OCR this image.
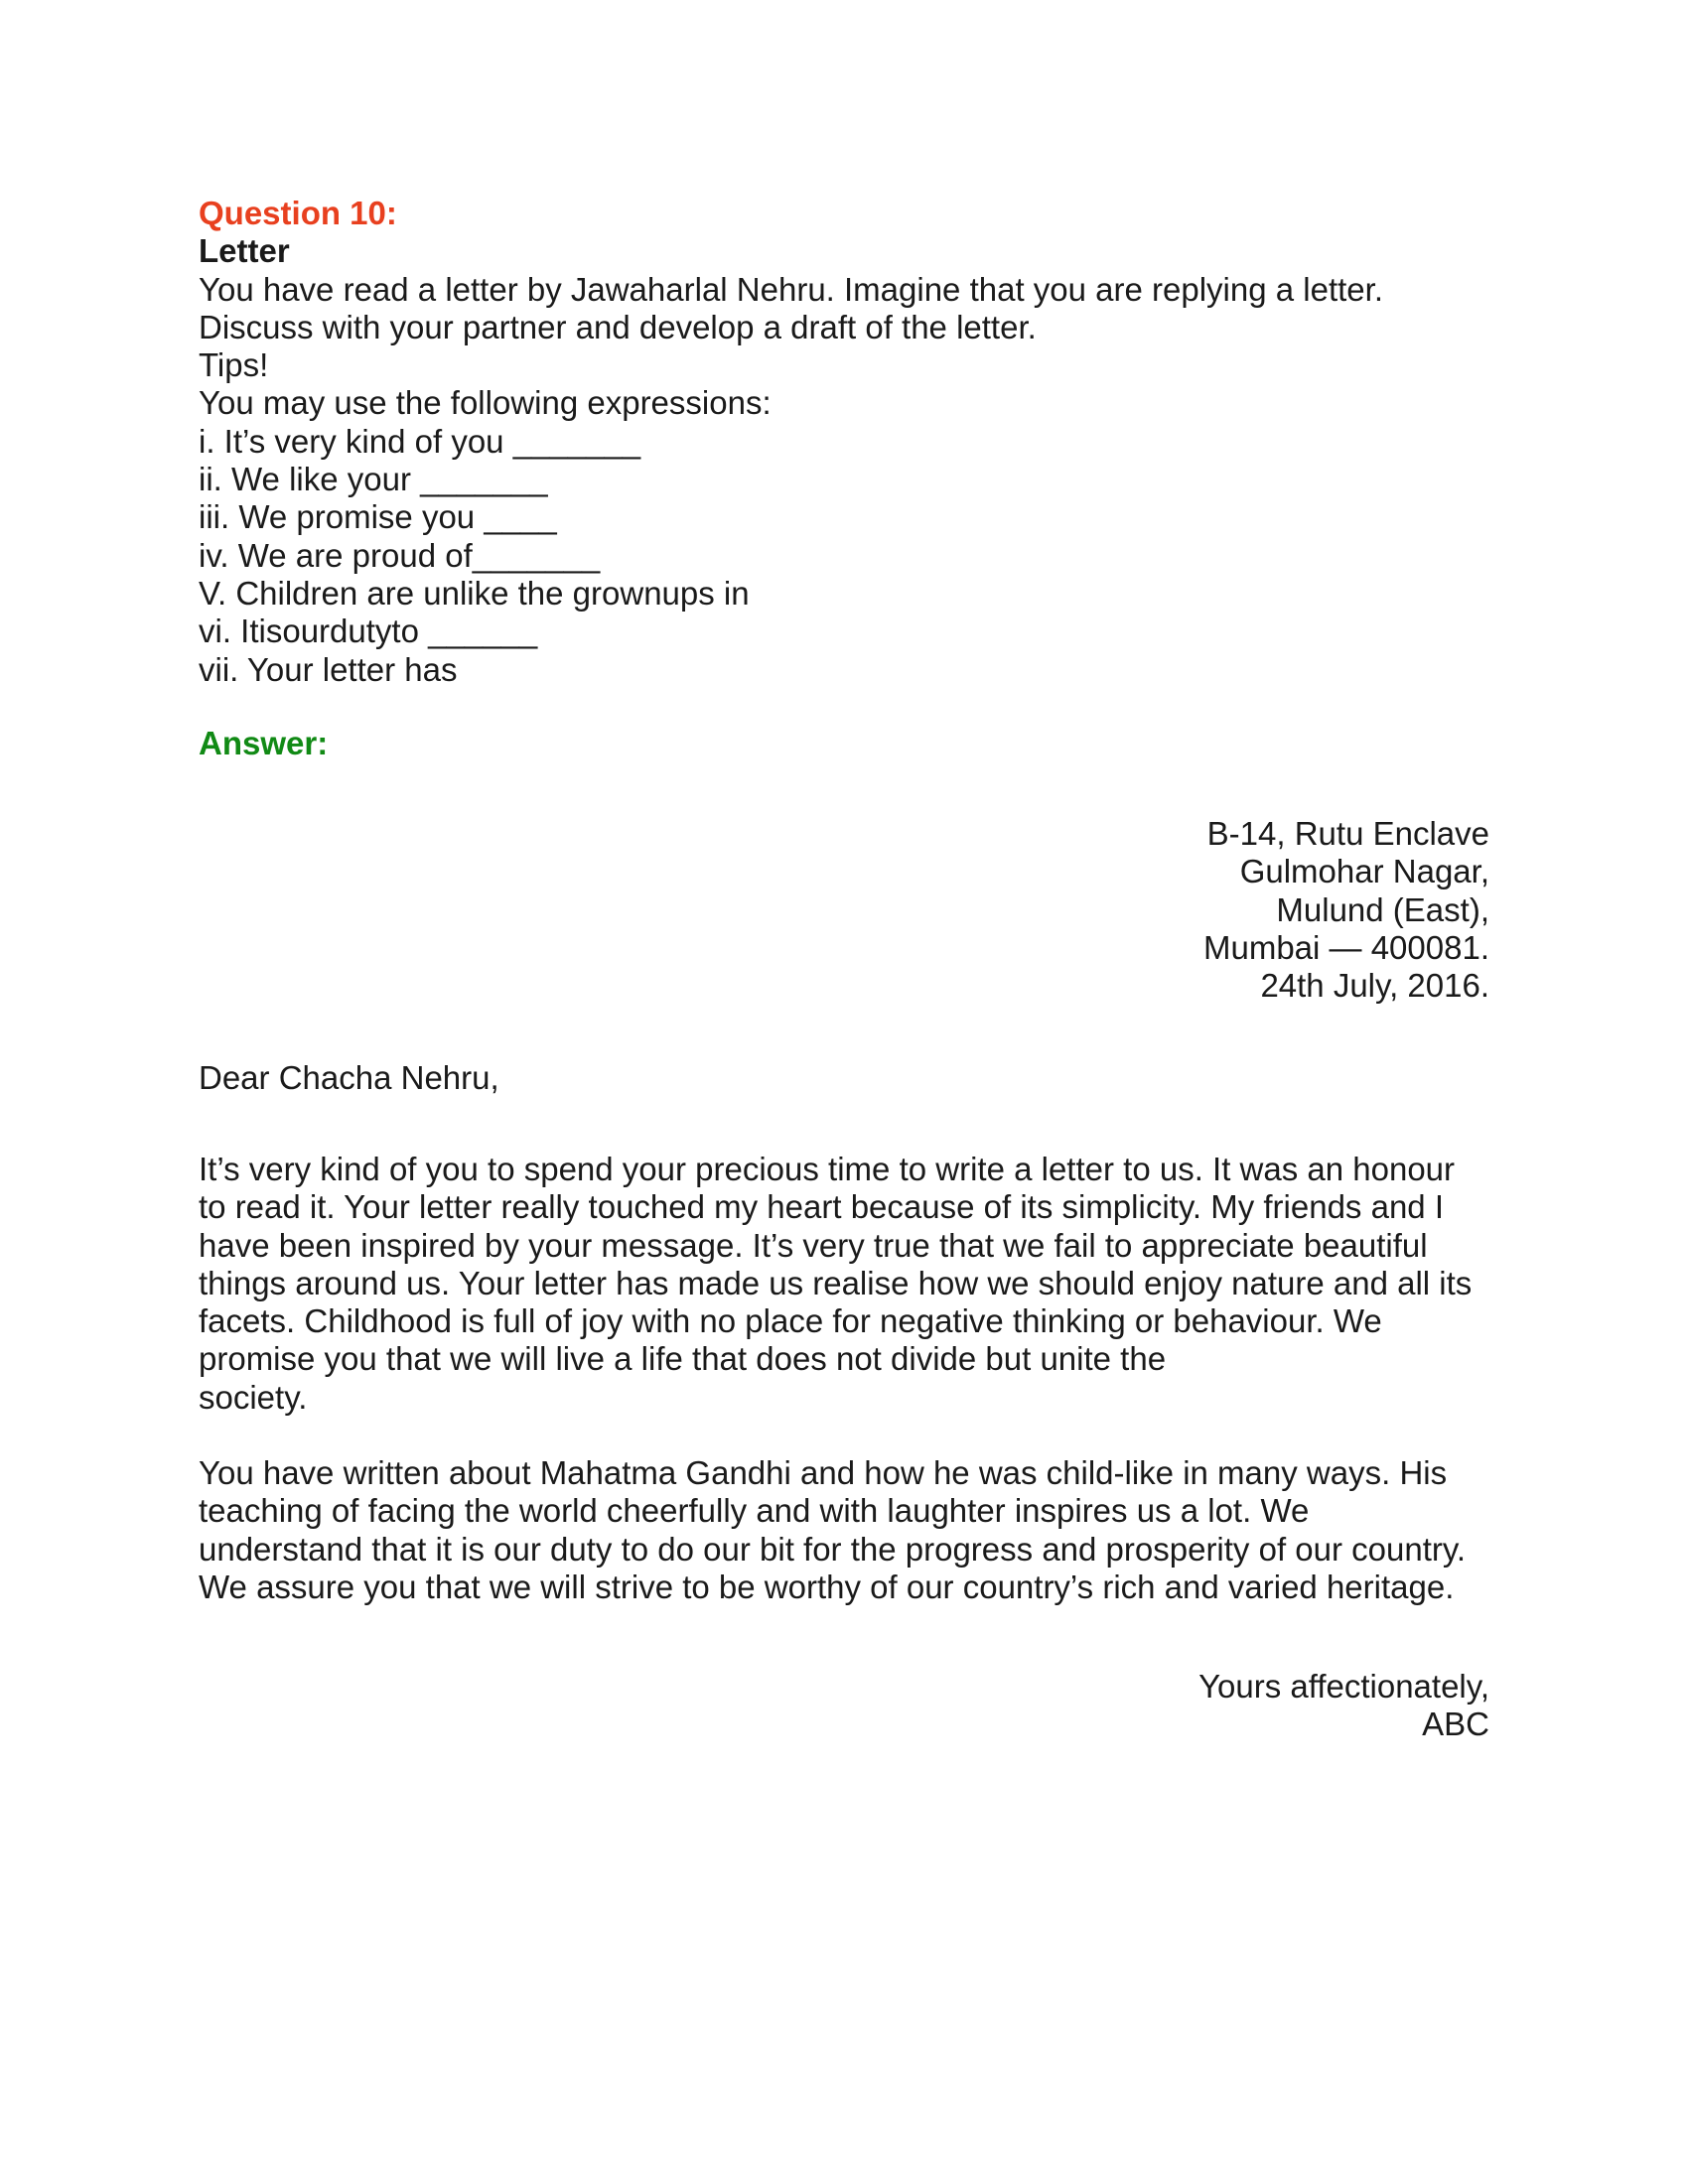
Question 10:

Letter

You have read a letter by Jawaharlal Nehru. Imagine that you are replying a letter.

Discuss with your partner and develop a draft of the letter.

Tips!

You may use the following expressions:

i. It’s very kind of you _______

ii. We like your _______

iii. We promise you ____

iv. We are proud of_______

V. Children are unlike the grownups in

vi. Itisourdutyto ______

vii. Your letter has

Answer:

B-14, Rutu Enclave

Gulmohar Nagar,

Mulund (East),

Mumbai — 400081.

24th July, 2016.

Dear Chacha Nehru,

It’s very kind of you to spend your precious time to write a letter to us. It was an honour

to read it. Your letter really touched my heart because of its simplicity. My friends and I

have been inspired by your message. It’s very true that we fail to appreciate beautiful

things around us. Your letter has made us realise how we should enjoy nature and all its

facets. Childhood is full of joy with no place for negative thinking or behaviour. We

promise you that we will live a life that does not divide but unite the

society.

You have written about Mahatma Gandhi and how he was child-like in many ways. His

teaching of facing the world cheerfully and with laughter inspires us a lot. We

understand that it is our duty to do our bit for the progress and prosperity of our country.

We assure you that we will strive to be worthy of our country’s rich and varied heritage.

Yours affectionately,

ABC
